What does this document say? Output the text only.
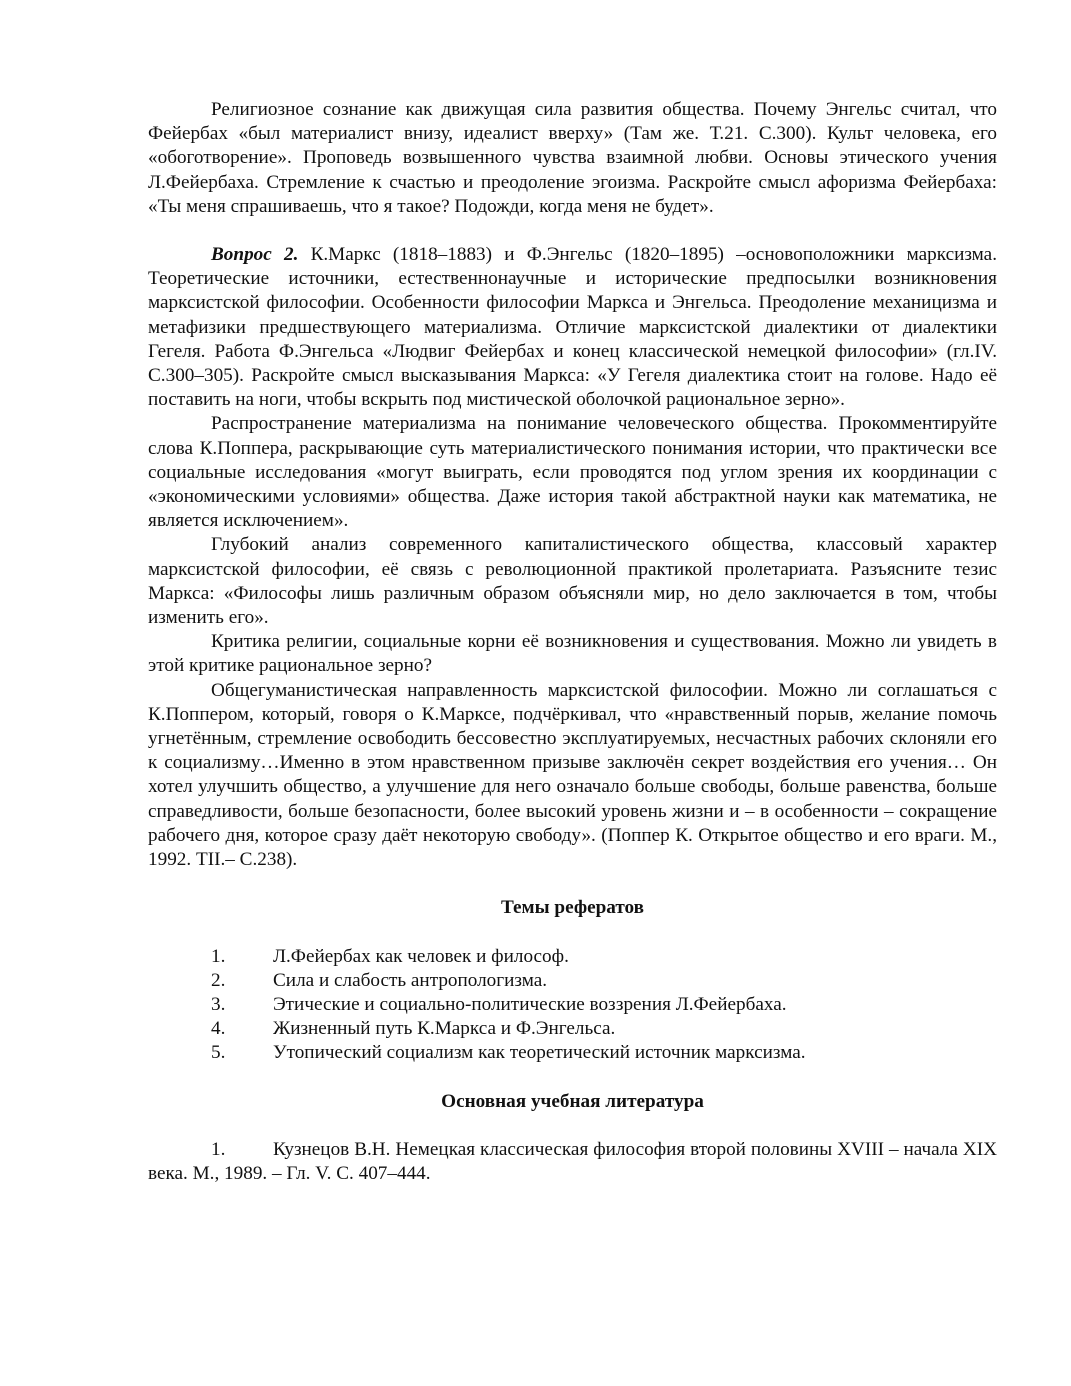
Религиозное сознание как движущая сила развития общества. Почему Энгельс считал, что Фейербах «был материалист внизу, идеалист вверху» (Там же. Т.21. С.300). Культ человека, его «обоготворение». Проповедь возвышенного чувства взаимной любви. Основы этического учения Л.Фейербаха. Стремление к счастью и преодоление эгоизма. Раскройте смысл афоризма Фейербаха: «Ты меня спрашиваешь, что я такое? Подожди, когда меня не будет».

Вопрос 2. К.Маркс (1818–1883) и Ф.Энгельс (1820–1895) –основоположники марксизма. Теоретические источники, естественнонаучные и исторические предпосылки возникновения марксистской философии. Особенности философии Маркса и Энгельса. Преодоление механицизма и метафизики предшествующего материализма. Отличие марксистской диалектики от диалектики Гегеля. Работа Ф.Энгельса «Людвиг Фейербах и конец классической немецкой философии» (гл.IV. С.300–305). Раскройте смысл высказывания Маркса: «У Гегеля диалектика стоит на голове. Надо её поставить на ноги, чтобы вскрыть под мистической оболочкой рациональное зерно».

Распространение материализма на понимание человеческого общества. Прокомментируйте слова К.Поппера, раскрывающие суть материалистического понимания истории, что практически все социальные исследования «могут выиграть, если проводятся под углом зрения их координации с «экономическими условиями» общества. Даже история такой абстрактной науки как математика, не является исключением».

Глубокий анализ современного капиталистического общества, классовый характер марксистской философии, её связь с революционной практикой пролетариата. Разъясните тезис Маркса: «Философы лишь различным образом объясняли мир, но дело заключается в том, чтобы изменить его».

Критика религии, социальные корни её возникновения и существования. Можно ли увидеть в этой критике рациональное зерно?

Общегуманистическая направленность марксистской философии. Можно ли соглашаться с К.Поппером, который, говоря о К.Марксе, подчёркивал, что «нравственный порыв, желание помочь угнетённым, стремление освободить бессовестно эксплуатируемых, несчастных рабочих склоняли его к социализму…Именно в этом нравственном призыве заключён секрет воздействия его учения… Он хотел улучшить общество, а улучшение для него означало больше свободы, больше равенства, больше справедливости, больше безопасности, более высокий уровень жизни и – в особенности – сокращение рабочего дня, которое сразу даёт некоторую свободу». (Поппер К. Открытое общество и его враги. М., 1992. ТII.– С.238).

Темы рефератов

1.	Л.Фейербах как человек и философ.
2.	Сила и слабость антропологизма.
3.	Этические и социально-политические воззрения Л.Фейербаха.
4.	Жизненный путь К.Маркса и Ф.Энгельса.
5.	Утопический социализм как теоретический источник марксизма.

Основная учебная литература

1. Кузнецов В.Н. Немецкая классическая философия второй половины XVIII – начала XIX века. М., 1989. – Гл. V. С. 407–444.
